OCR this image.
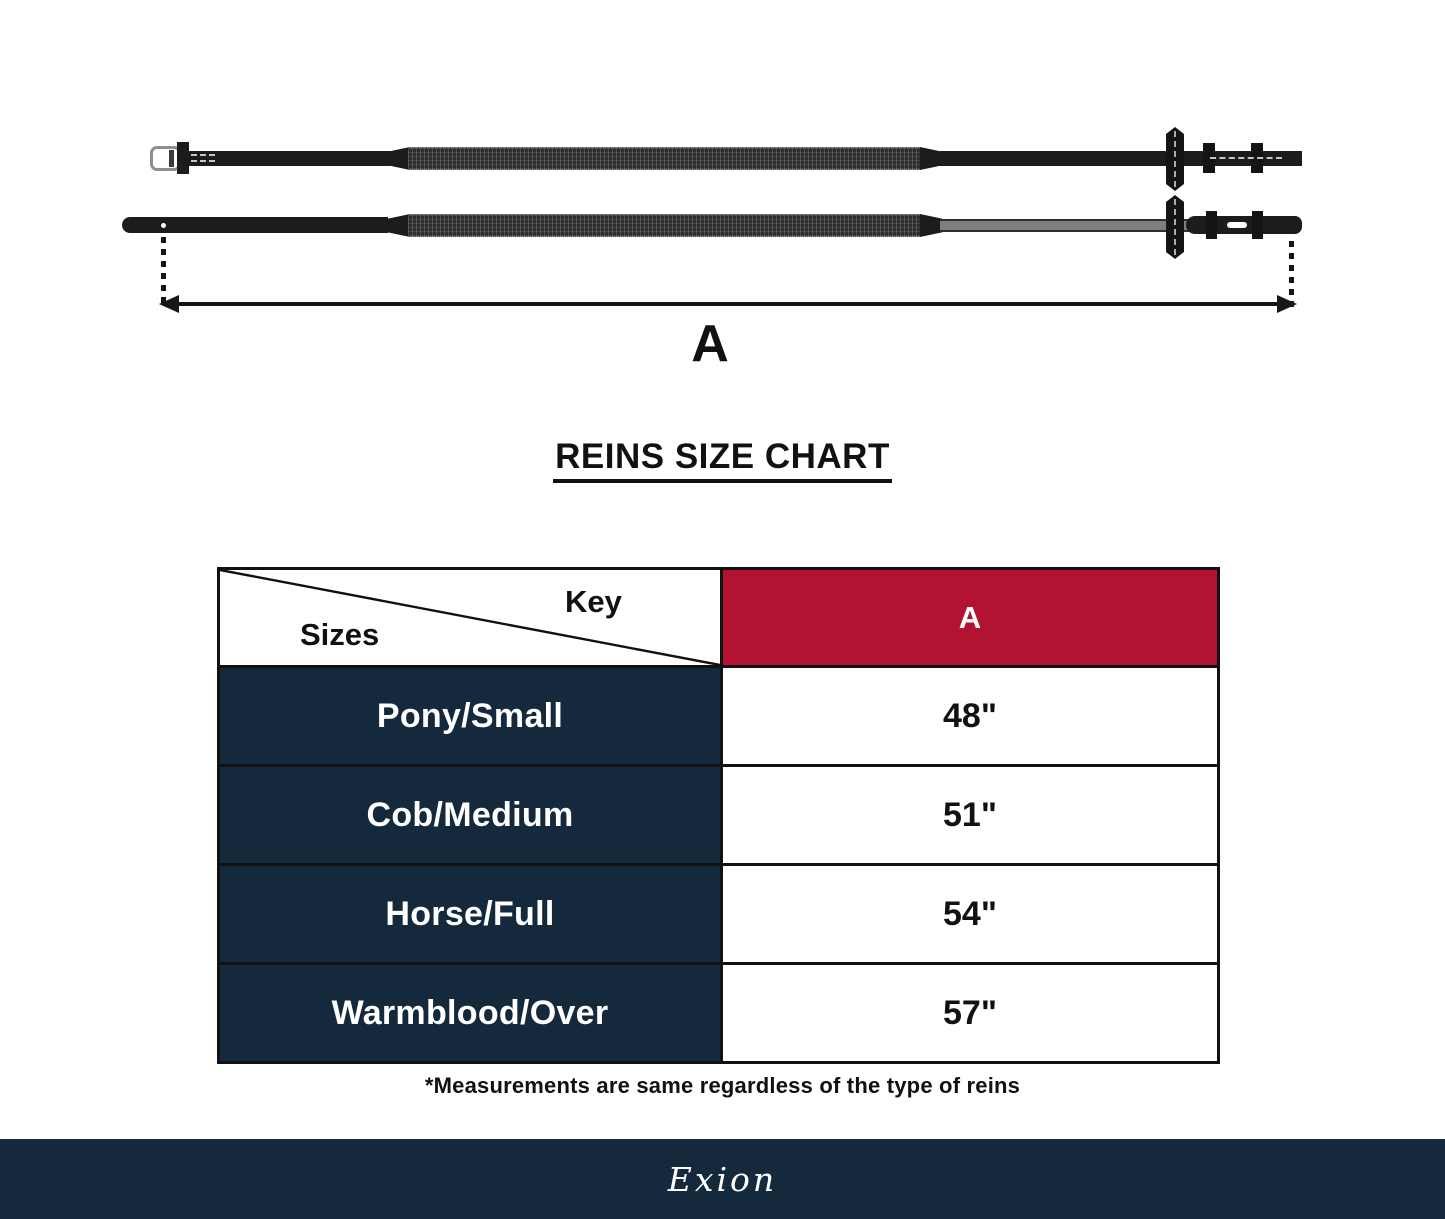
A
REINS SIZE CHART
Key
Sizes	A
Pony/Small	48"
Cob/Medium	51"
Horse/Full	54"
Warmblood/Over	57"
*Measurements are same regardless of the type of reins
Exion
